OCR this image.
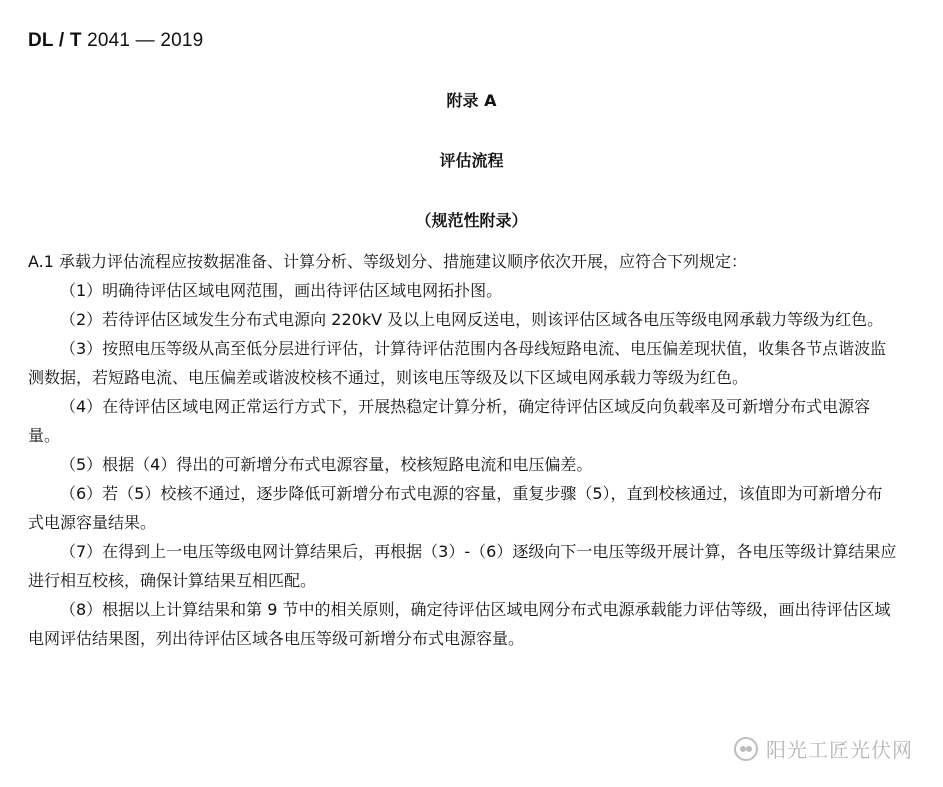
DL / T 2041 — 2019
附录 A
评估流程
（规范性附录）

A.1 承载力评估流程应按数据准备、计算分析、等级划分、措施建议顺序依次开展，应符合下列规定：

（1）明确待评估区域电网范围，画出待评估区域电网拓扑图。

（2）若待评估区域发生分布式电源向 220kV 及以上电网反送电，则该评估区域各电压等级电网承载力等级为红色。

（3）按照电压等级从高至低分层进行评估，计算待评估范围内各母线短路电流、电压偏差现状值，收集各节点谐波监测数据，若短路电流、电压偏差或谐波校核不通过，则该电压等级及以下区域电网承载力等级为红色。

（4）在待评估区域电网正常运行方式下，开展热稳定计算分析，确定待评估区域反向负载率及可新增分布式电源容量。

（5）根据（4）得出的可新增分布式电源容量，校核短路电流和电压偏差。

（6）若（5）校核不通过，逐步降低可新增分布式电源的容量，重复步骤（5），直到校核通过，该值即为可新增分布式电源容量结果。

（7）在得到上一电压等级电网计算结果后，再根据（3）-（6）逐级向下一电压等级开展计算，各电压等级计算结果应进行相互校核，确保计算结果互相匹配。

（8）根据以上计算结果和第 9 节中的相关原则，确定待评估区域电网分布式电源承载能力评估等级，画出待评估区域电网评估结果图，列出待评估区域各电压等级可新增分布式电源容量。

阳光工匠光伏网
